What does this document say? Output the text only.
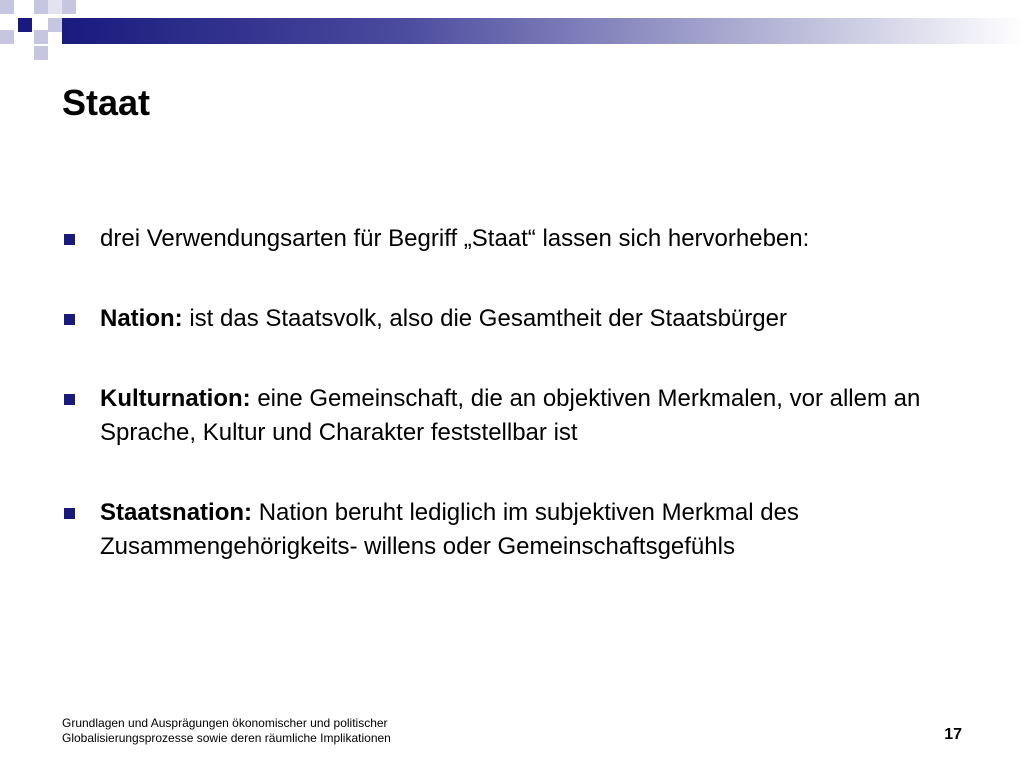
Staat
drei Verwendungsarten für Begriff „Staat“ lassen sich hervorheben:
Nation: ist das Staatsvolk, also die Gesamtheit der Staatsbürger
Kulturnation: eine Gemeinschaft, die an objektiven Merkmalen, vor allem an Sprache, Kultur und Charakter feststellbar ist
Staatsnation: Nation beruht lediglich im subjektiven Merkmal des Zusammengehörigkeits- willens oder Gemeinschaftsgefühls
Grundlagen und Ausprägungen ökonomischer und politischer
Globalisierungsprozesse sowie deren räumliche Implikationen	17
